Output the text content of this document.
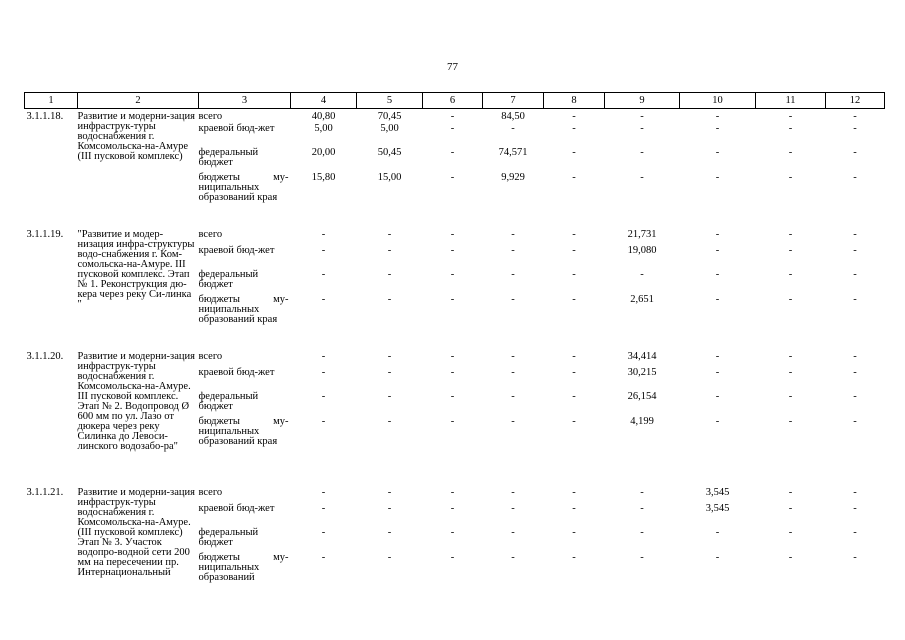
77
1	2	3	4	5	6	7	8	9	10	11	12
3.1.1.18.	Развитие и модерни-зация инфраструк-туры водоснабжения г. Комсомольска-на-Амуре (III пусковой комплекс)	всего	40,80	70,45	-	84,50	-	-	-	-	-
		краевой бюд-жет	5,00	5,00	-	-	-	-	-	-	-
		федеральный бюджет	20,00	50,45	-	74,571	-	-	-	-	-
		бюджеты му-ниципальных образований края	15,80	15,00	-	9,929	-	-	-	-	-
3.1.1.19.	"Развитие и модер-низация инфра-структуры водо-снабжения г. Ком-сомольска-на-Амуре. III пусковой комплекс. Этап № 1. Реконструкция дю-кера через реку Си-линка "	всего	-	-	-	-	-	21,731	-	-	-
		краевой бюд-жет	-	-	-	-	-	19,080	-	-	-
		федеральный бюджет	-	-	-	-	-	-	-	-	-
		бюджеты му-ниципальных образований края	-	-	-	-	-	2,651	-	-	-
3.1.1.20.	Развитие и модерни-зация инфраструк-туры водоснабжения г. Комсомольска-на-Амуре. III пусковой комплекс. Этап № 2. Водопровод Ø 600 мм по ул. Лазо от дюкера через реку Силинка до Левоси-линского водозабо-ра"	всего	-	-	-	-	-	34,414	-	-	-
		краевой бюд-жет	-	-	-	-	-	30,215	-	-	-
		федеральный бюджет	-	-	-	-	-	26,154	-	-	-
		бюджеты му-ниципальных образований края	-	-	-	-	-	4,199	-	-	-
3.1.1.21.	Развитие и модерни-зация инфраструк-туры водоснабжения г. Комсомольска-на-Амуре. (III пусковой комплекс) Этап № 3. Участок водопро-водной сети 200 мм на пересечении пр. Интернациональный	всего	-	-	-	-	-	-	3,545	-	-
		краевой бюд-жет	-	-	-	-	-	-	3,545	-	-
		федеральный бюджет	-	-	-	-	-	-	-	-	-
		бюджеты му-ниципальных образований	-	-	-	-	-	-	-	-	-
